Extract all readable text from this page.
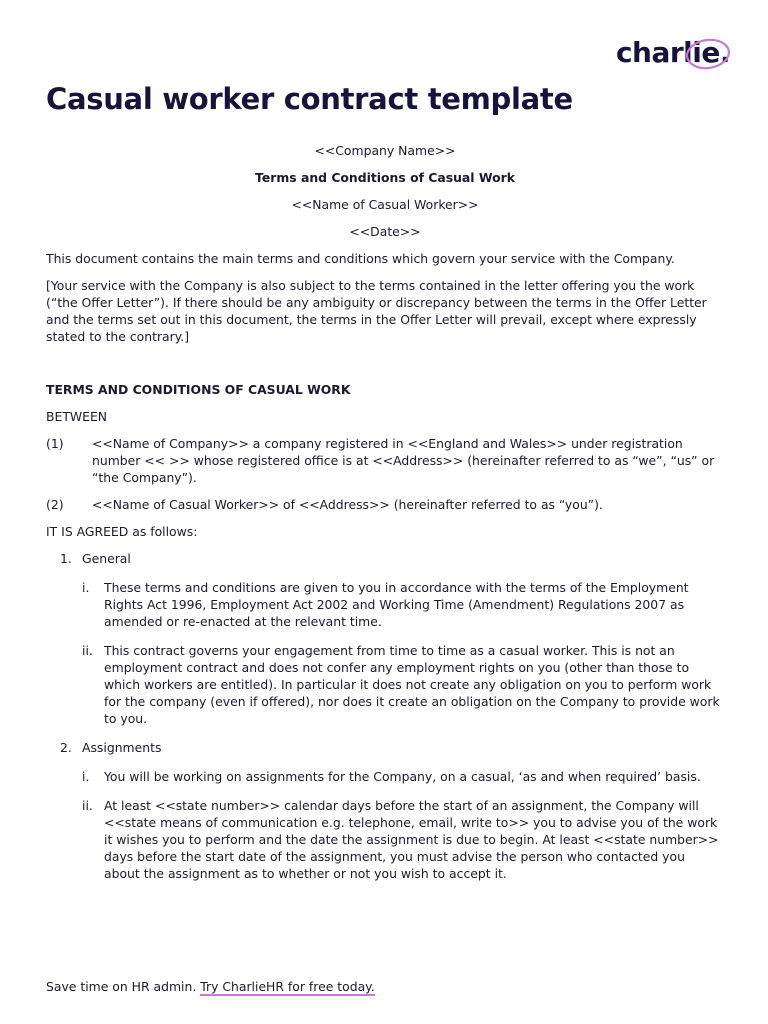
charlie.
Casual worker contract template

<<Company Name>>

Terms and Conditions of Casual Work

<<Name of Casual Worker>>

<<Date>>

This document contains the main terms and conditions which govern your service with the Company.

[Your service with the Company is also subject to the terms contained in the letter offering you the work (“the Offer Letter”). If there should be any ambiguity or discrepancy between the terms in the Offer Letter and the terms set out in this document, the terms in the Offer Letter will prevail, except where expressly stated to the contrary.]

TERMS AND CONDITIONS OF CASUAL WORK

BETWEEN

(1)	<<Name of Company>> a company registered in <<England and Wales>> under registration number << >> whose registered office is at <<Address>> (hereinafter referred to as “we”, “us” or “the Company”).
(2)	<<Name of Casual Worker>> of <<Address>> (hereinafter referred to as “you”).

IT IS AGREED as follows:

1. General
i.	These terms and conditions are given to you in accordance with the terms of the Employment Rights Act 1996, Employment Act 2002 and Working Time (Amendment) Regulations 2007 as amended or re-enacted at the relevant time.
ii. This contract governs your engagement from time to time as a casual worker. This is not an employment contract and does not confer any employment rights on you (other than those to which workers are entitled). In particular it does not create any obligation on you to perform work for the company (even if offered), nor does it create an obligation on the Company to provide work to you.
2. Assignments
i.	You will be working on assignments for the Company, on a casual, ‘as and when required’ basis.
ii. At least <<state number>> calendar days before the start of an assignment, the Company will <<state means of communication e.g. telephone, email, write to>> you to advise you of the work it wishes you to perform and the date the assignment is due to begin. At least <<state number>> days before the start date of the assignment, you must advise the person who contacted you about the assignment as to whether or not you wish to accept it.
Save time on HR admin. Try CharlieHR for free today.
